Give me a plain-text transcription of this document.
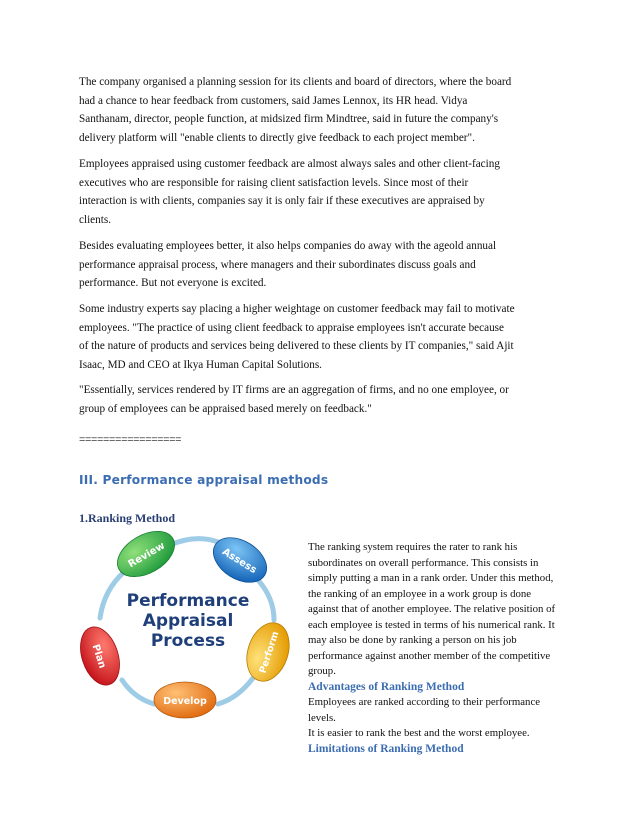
The company organised a planning session for its clients and board of directors, where the board
had a chance to hear feedback from customers, said James Lennox, its HR head. Vidya
Santhanam, director, people function, at midsized firm Mindtree, said in future the company's
delivery platform will "enable clients to directly give feedback to each project member".

Employees appraised using customer feedback are almost always sales and other client-facing
executives who are responsible for raising client satisfaction levels. Since most of their
interaction is with clients, companies say it is only fair if these executives are appraised by
clients.

Besides evaluating employees better, it also helps companies do away with the ageold annual
performance appraisal process, where managers and their subordinates discuss goals and
performance. But not everyone is excited.

Some industry experts say placing a higher weightage on customer feedback may fail to motivate
employees. "The practice of using client feedback to appraise employees isn't accurate because
of the nature of products and services being delivered to these clients by IT companies," said Ajit
Isaac, MD and CEO at Ikya Human Capital Solutions.

"Essentially, services rendered by IT firms are an aggregation of firms, and no one employee, or
group of employees can be appraised based merely on feedback."

=================
III. Performance appraisal methods
1.Ranking Method
Review	Assess
Perform
Develop
Plan
Performance
Appraisal
Process
The ranking system requires the rater to rank his
subordinates on overall performance. This consists in
simply putting a man in a rank order. Under this method,
the ranking of an employee in a work group is done
against that of another employee. The relative position of
each employee is tested in terms of his numerical rank. It
may also be done by ranking a person on his job
performance against another member of the competitive
group.
Advantages of Ranking Method
Employees are ranked according to their performance
levels.
It is easier to rank the best and the worst employee.
Limitations of Ranking Method
